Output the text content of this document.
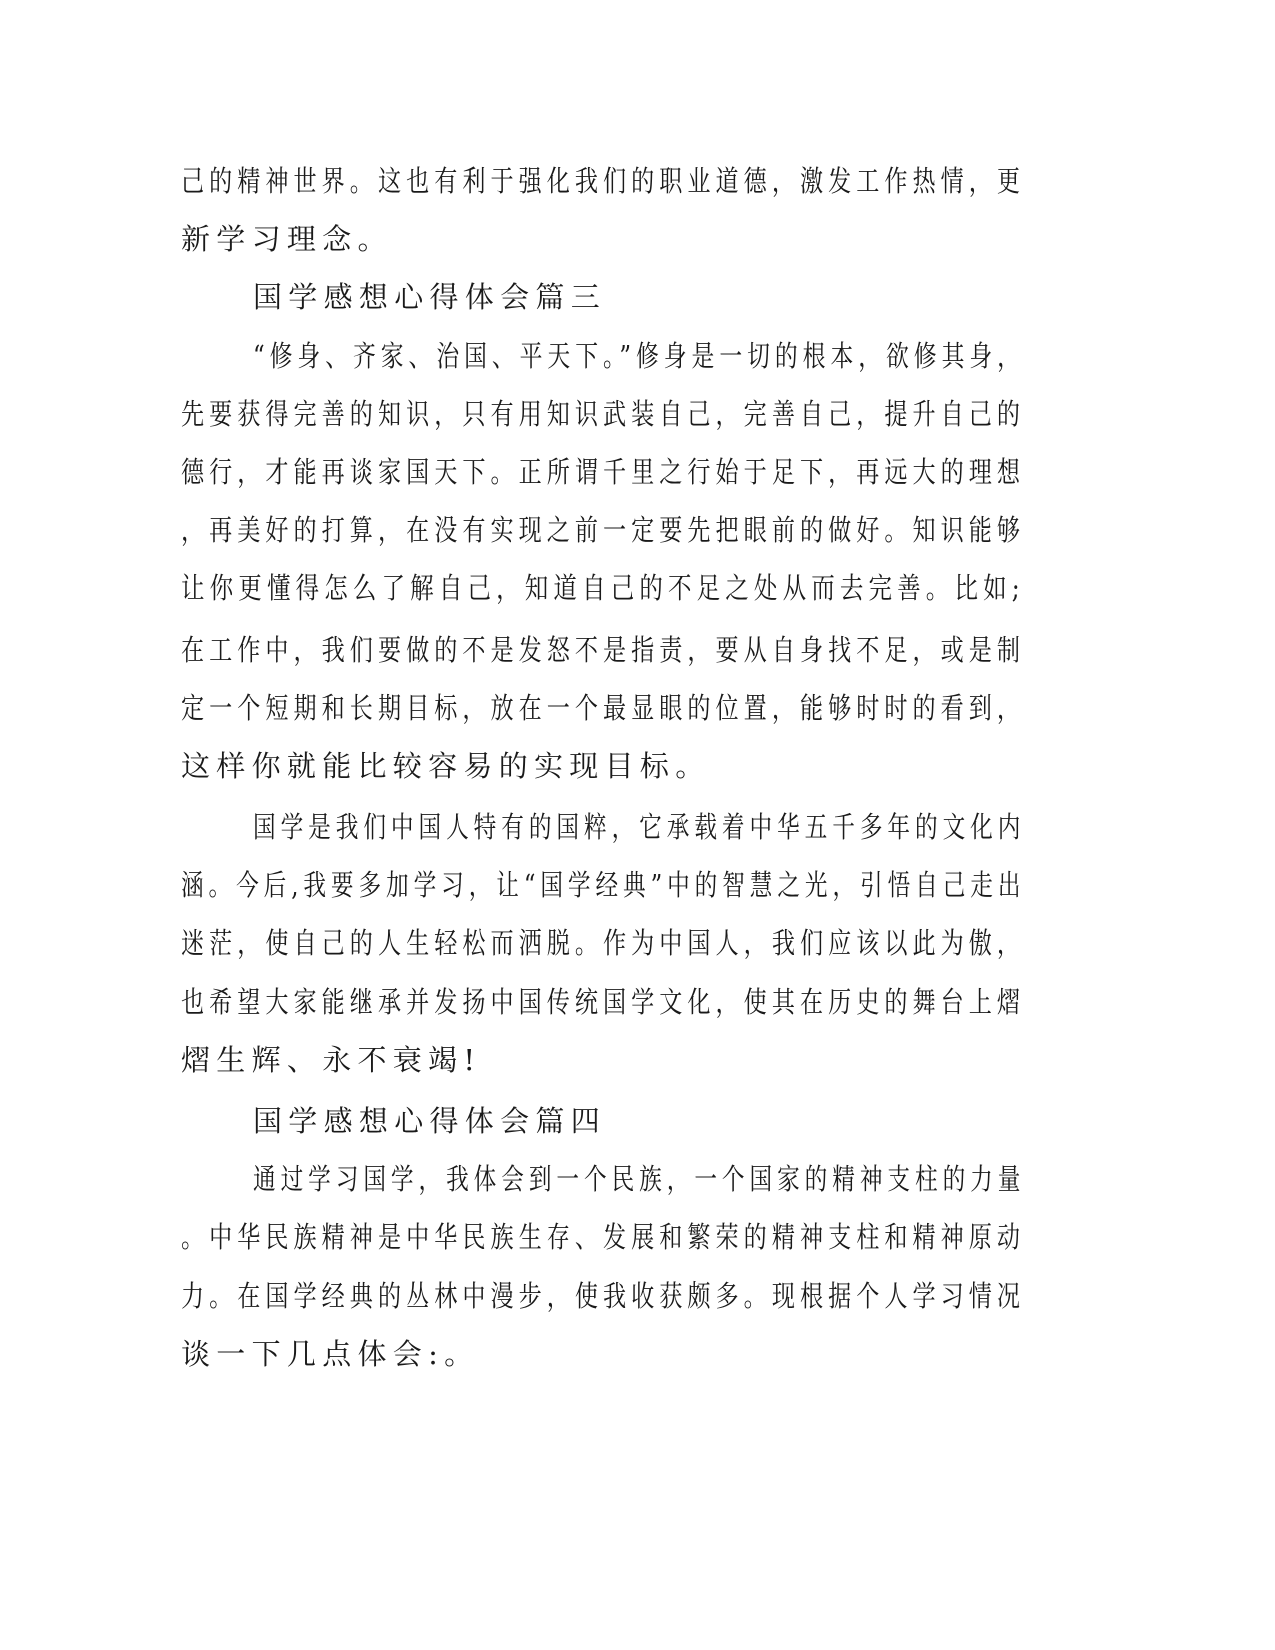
己的精神世界。这也有利于强化我们的职业道德，激发工作热情，更
新学习理念。
国学感想心得体会篇三
“修身、齐家、治国、平天下。”修身是一切的根本，欲修其身，
先要获得完善的知识，只有用知识武装自己，完善自己，提升自己的
德行，才能再谈家国天下。正所谓千里之行始于足下，再远大的理想
，再美好的打算，在没有实现之前一定要先把眼前的做好。知识能够
让你更懂得怎么了解自己，知道自己的不足之处从而去完善。比如;
在工作中，我们要做的不是发怒不是指责，要从自身找不足，或是制
定一个短期和长期目标，放在一个最显眼的位置，能够时时的看到，
这样你就能比较容易的实现目标。
国学是我们中国人特有的国粹，它承载着中华五千多年的文化内
涵。今后,我要多加学习，让“国学经典”中的智慧之光，引悟自己走出
迷茫，使自己的人生轻松而洒脱。作为中国人，我们应该以此为傲，
也希望大家能继承并发扬中国传统国学文化，使其在历史的舞台上熠
熠生辉、永不衰竭!
国学感想心得体会篇四
通过学习国学，我体会到一个民族，一个国家的精神支柱的力量
。中华民族精神是中华民族生存、发展和繁荣的精神支柱和精神原动
力。在国学经典的丛林中漫步，使我收获颇多。现根据个人学习情况
谈一下几点体会:。
